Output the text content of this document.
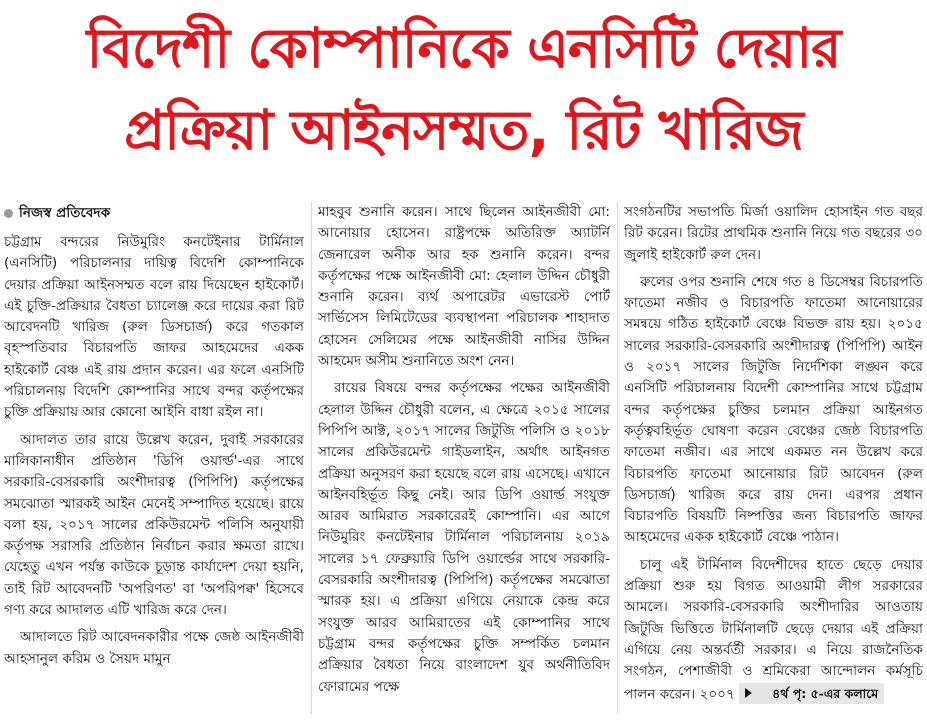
বিদেশী কোম্পানিকে এনসিটি দেয়ার
প্রক্রিয়া আইনসম্মত, রিট খারিজ
নিজস্ব প্রতিবেদক

চট্টগ্রাম বন্দরের নিউমুরিং কনটেইনার টার্মিনাল (এনসিটি) পরিচালনার দায়িত্ব বিদেশি কোম্পানিকে দেয়ার প্রক্রিয়া আইনসম্মত বলে রায় দিয়েছেন হাইকোর্ট। এই চুক্তি-প্রক্রিয়ার বৈধতা চ্যালেঞ্জ করে দায়ের করা রিট আবেদনটি খারিজ (রুল ডিসচার্জ) করে গতকাল বৃহস্পতিবার বিচারপতি জাফর আহমেদের একক হাইকোর্ট বেঞ্চ এই রায় প্রদান করেন। এর ফলে এনসিটি পরিচালনায় বিদেশি কোম্পানির সাথে বন্দর কর্তৃপক্ষের চুক্তি প্রক্রিয়ায় আর কোনো আইনি বাধা রইল না।

আদালত তার রায়ে উল্লেখ করেন, দুবাই সরকারের মালিকানাধীন প্রতিষ্ঠান 'ডিপি ওয়ার্ল্ড'-এর সাথে সরকারি-বেসরকারি অংশীদারত্ব (পিপিপি) কর্তৃপক্ষের সমঝোতা স্মারকই আইন মেনেই সম্পাদিত হয়েছে। রায়ে বলা হয়, ২০১৭ সালের প্রকিউরমেন্ট পলিসি অনুযায়ী কর্তৃপক্ষ সরাসরি প্রতিষ্ঠান নির্বাচন করার ক্ষমতা রাখে। যেহেতু এখন পর্যন্ত কাউকে চূড়ান্ত কার্যাদেশ দেয়া হয়নি, তাই রিট আবেদনটি 'অপরিণত' বা 'অপরিপক্ব' হিসেবে গণ্য করে আদালত এটি খারিজ করে দেন।

আদালতে রিট আবেদনকারীর পক্ষে জেষ্ঠ আইনজীবী আহসানুল করিম ও সৈয়দ মামুন

মাহবুব শুনানি করেন। সাথে ছিলেন আইনজীবী মো: আনোয়ার হোসেন। রাষ্ট্রপক্ষে অতিরিক্ত অ্যাটর্নি জেনারেল অনীক আর হক শুনানি করেন। বন্দর কর্তৃপক্ষের পক্ষে আইনজীবী মো: হেলাল উদ্দিন চৌধুরী শুনানি করেন। ব্যর্থ অপারেটর এভারেস্ট পোর্ট সার্ভিসেস লিমিটেডের ব্যবস্থাপনা পরিচালক শাহাদাত হোসেন সেলিমের পক্ষে আইনজীবী নাসির উদ্দিন আহমেদ অসীম শুনানিতে অংশ নেন।

রায়ের বিষয়ে বন্দর কর্তৃপক্ষের পক্ষের আইনজীবী হেলাল উদ্দিন চৌধুরী বলেন, এ ক্ষেত্রে ২০১৫ সালের পিপিপি আক্ট, ২০১৭ সালের জিটুজি পলিসি ও ২০১৮ সালের প্রকিউরমেন্ট গাইডলাইন, অর্থাৎ আইনগত প্রক্রিয়া অনুসরণ করা হয়েছে বলে রায় এসেছে। এখানে আইনবহির্ভূত কিছু নেই। আর ডিপি ওয়ার্ল্ড সংযুক্ত আরব আমিরাত সরকারেরই কোম্পানি। এর আগে নিউমুরিং কনটেইনার টার্মিনাল পরিচালনায় ২০১৯ সালের ১৭ ফেব্রুয়ারি ডিপি ওয়ার্ল্ডের সাথে সরকারি-বেসরকারি অংশীদারত্ব (পিপিপি) কর্তৃপক্ষের সমঝোতা স্মারক হয়। এ প্রক্রিয়া এগিয়ে নেয়াকে কেন্দ্র করে সংযুক্ত আরব আমিরাতের এই কোম্পানির সাথে চট্টগ্রাম বন্দর কর্তৃপক্ষের চুক্তি সম্পর্কিত চলমান প্রক্রিয়ার বৈধতা নিয়ে বাংলাদেশ যুব অর্থনীতিবিদ ফোরামের পক্ষে

সংগঠনটির সভাপতি মির্জা ওয়ালিদ হোসাইন গত বছর রিট করেন। রিটের প্রাথমিক শুনানি নিয়ে গত বছরের ৩০ জুলাই হাইকোর্ট রুল দেন।

রুলের ওপর শুনানি শেষে গত ৪ ডিসেম্বর বিচারপতি ফাতেমা নজীব ও বিচারপতি ফাতেমা আনোয়ারের সমন্বয়ে গঠিত হাইকোর্ট বেঞ্চে বিভক্ত রায় হয়। ২০১৫ সালের সরকারি-বেসরকারি অংশীদারত্ব (পিপিপি) আইন ও ২০১৭ সালের জিটুজি নির্দেশিকা লঙ্ঘন করে এনসিটি পরিচালনায় বিদেশী কোম্পানির সাথে চট্টগ্রাম বন্দর কর্তৃপক্ষের চুক্তির চলমান প্রক্রিয়া আইনগত কর্তৃত্ববহির্ভূত ঘোষণা করেন বেঞ্চের জেষ্ঠ বিচারপতি ফাতেমা নজীব। এর সাথে একমত নন উল্লেখ করে বিচারপতি ফাতেমা আনোয়ার রিট আবেদন (রুল ডিসচার্জ) খারিজ করে রায় দেন। এরপর প্রধান বিচারপতি বিষয়টি নিষ্পত্তির জন্য বিচারপতি জাফর আহমেদের একক হাইকোর্ট বেঞ্চে পাঠান।

চালু এই টার্মিনাল বিদেশীদের হাতে ছেড়ে দেয়ার প্রক্রিয়া শুরু হয় বিগত আওয়ামী লীগ সরকারের আমলে। সরকারি-বেসরকারি অংশীদারির আওতায় জিটুজি ভিত্তিতে টার্মিনালটি ছেড়ে দেয়ার এই প্রক্রিয়া এগিয়ে নেয় অন্তর্বর্তী সরকার। এ নিয়ে রাজনৈতিক সংগঠন, পেশাজীবী ও শ্রমিকেরা আন্দোলন কর্মসূচি পালন করেন। ২০০৭	৪র্থ পৃ: ৫-এর কলামে
